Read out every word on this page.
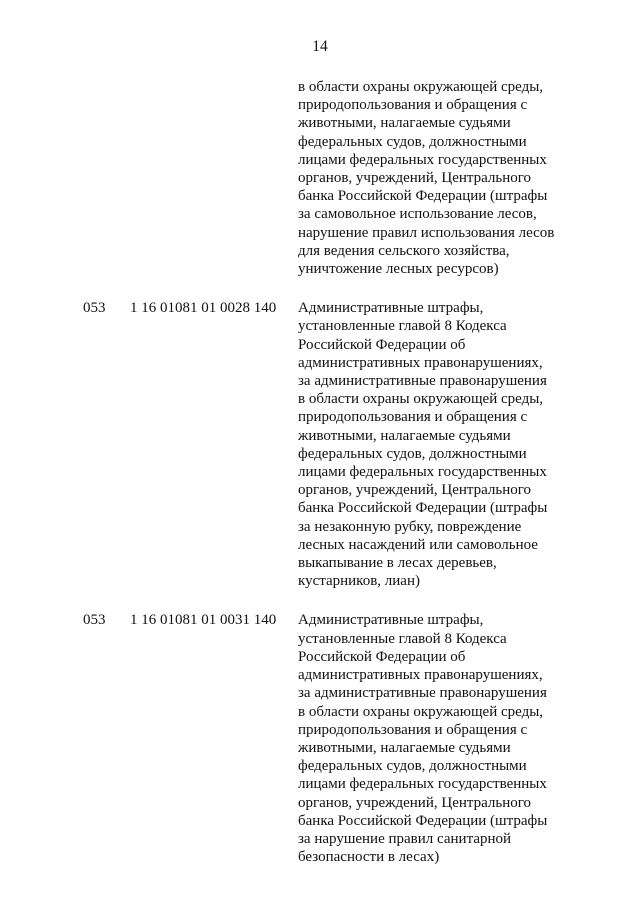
14
в области охраны окружающей среды,
природопользования и обращения с
животными, налагаемые судьями
федеральных судов, должностными
лицами федеральных государственных
органов, учреждений, Центрального
банка Российской Федерации (штрафы
за самовольное использование лесов,
нарушение правил использования лесов
для ведения сельского хозяйства,
уничтожение лесных ресурсов)
053 1 16 01081 01 0028 140 Административные штрафы,
установленные главой 8 Кодекса
Российской Федерации об
административных правонарушениях,
за административные правонарушения
в области охраны окружающей среды,
природопользования и обращения с
животными, налагаемые судьями
федеральных судов, должностными
лицами федеральных государственных
органов, учреждений, Центрального
банка Российской Федерации (штрафы
за незаконную рубку, повреждение
лесных насаждений или самовольное
выкапывание в лесах деревьев,
кустарников, лиан)
053 1 16 01081 01 0031 140 Административные штрафы,
установленные главой 8 Кодекса
Российской Федерации об
административных правонарушениях,
за административные правонарушения
в области охраны окружающей среды,
природопользования и обращения с
животными, налагаемые судьями
федеральных судов, должностными
лицами федеральных государственных
органов, учреждений, Центрального
банка Российской Федерации (штрафы
за нарушение правил санитарной
безопасности в лесах)
